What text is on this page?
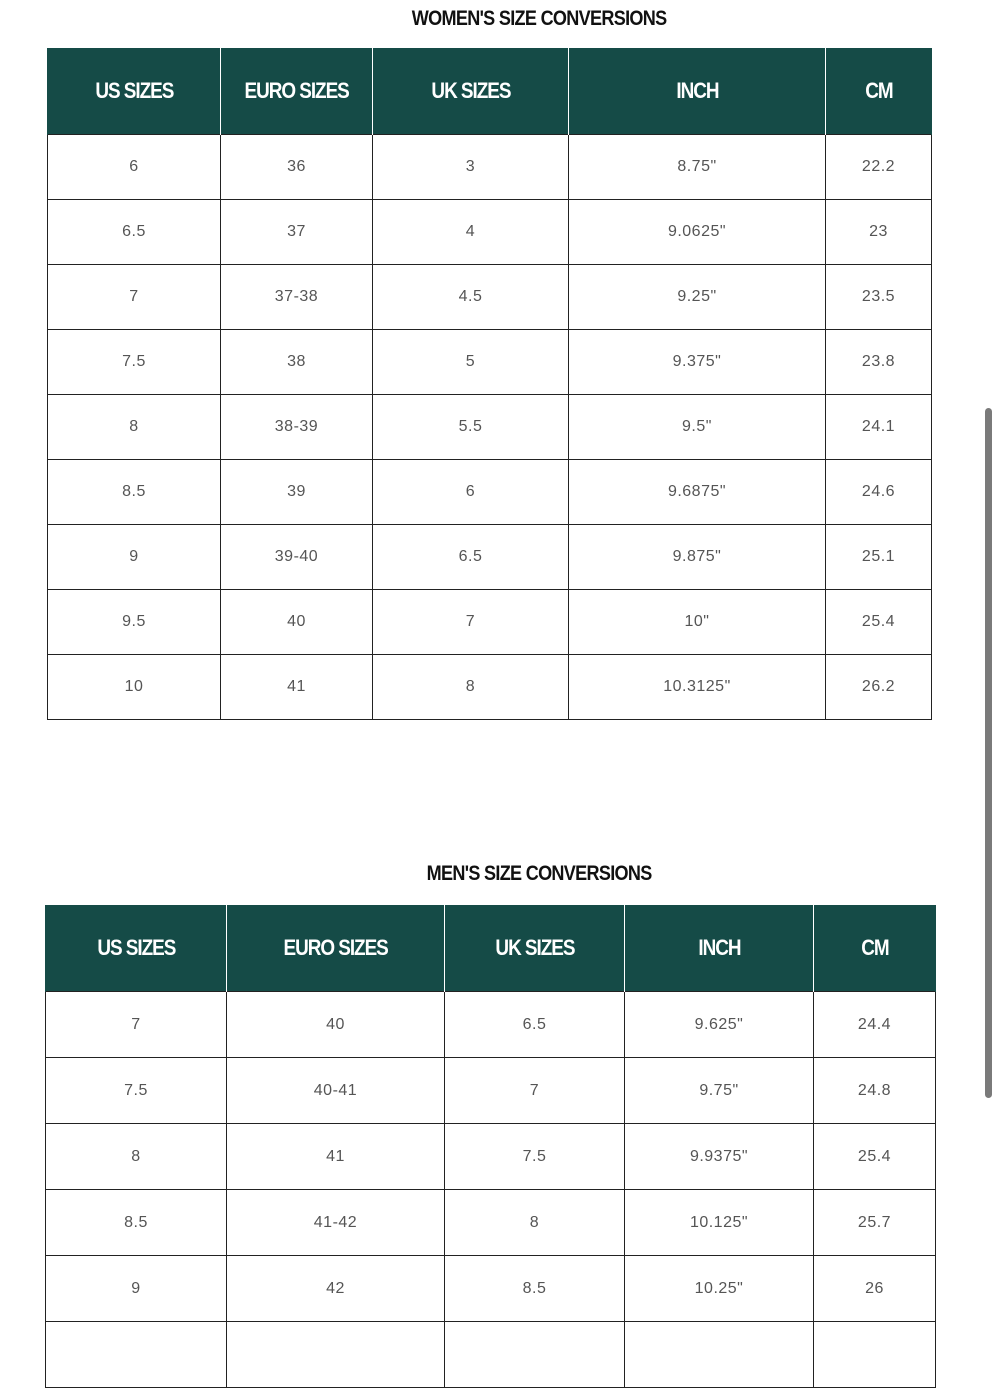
WOMEN'S SIZE CONVERSIONS
US SIZES	EURO SIZES	UK SIZES	INCH	CM
6	36	3	8.75"	22.2
6.5	37	4	9.0625"	23
7	37-38	4.5	9.25"	23.5
7.5	38	5	9.375"	23.8
8	38-39	5.5	9.5"	24.1
8.5	39	6	9.6875"	24.6
9	39-40	6.5	9.875"	25.1
9.5	40	7	10"	25.4
10	41	8	10.3125"	26.2
MEN'S SIZE CONVERSIONS
US SIZES	EURO SIZES	UK SIZES	INCH	CM
7	40	6.5	9.625"	24.4
7.5	40-41	7	9.75"	24.8
8	41	7.5	9.9375"	25.4
8.5	41-42	8	10.125"	25.7
9	42	8.5	10.25"	26
